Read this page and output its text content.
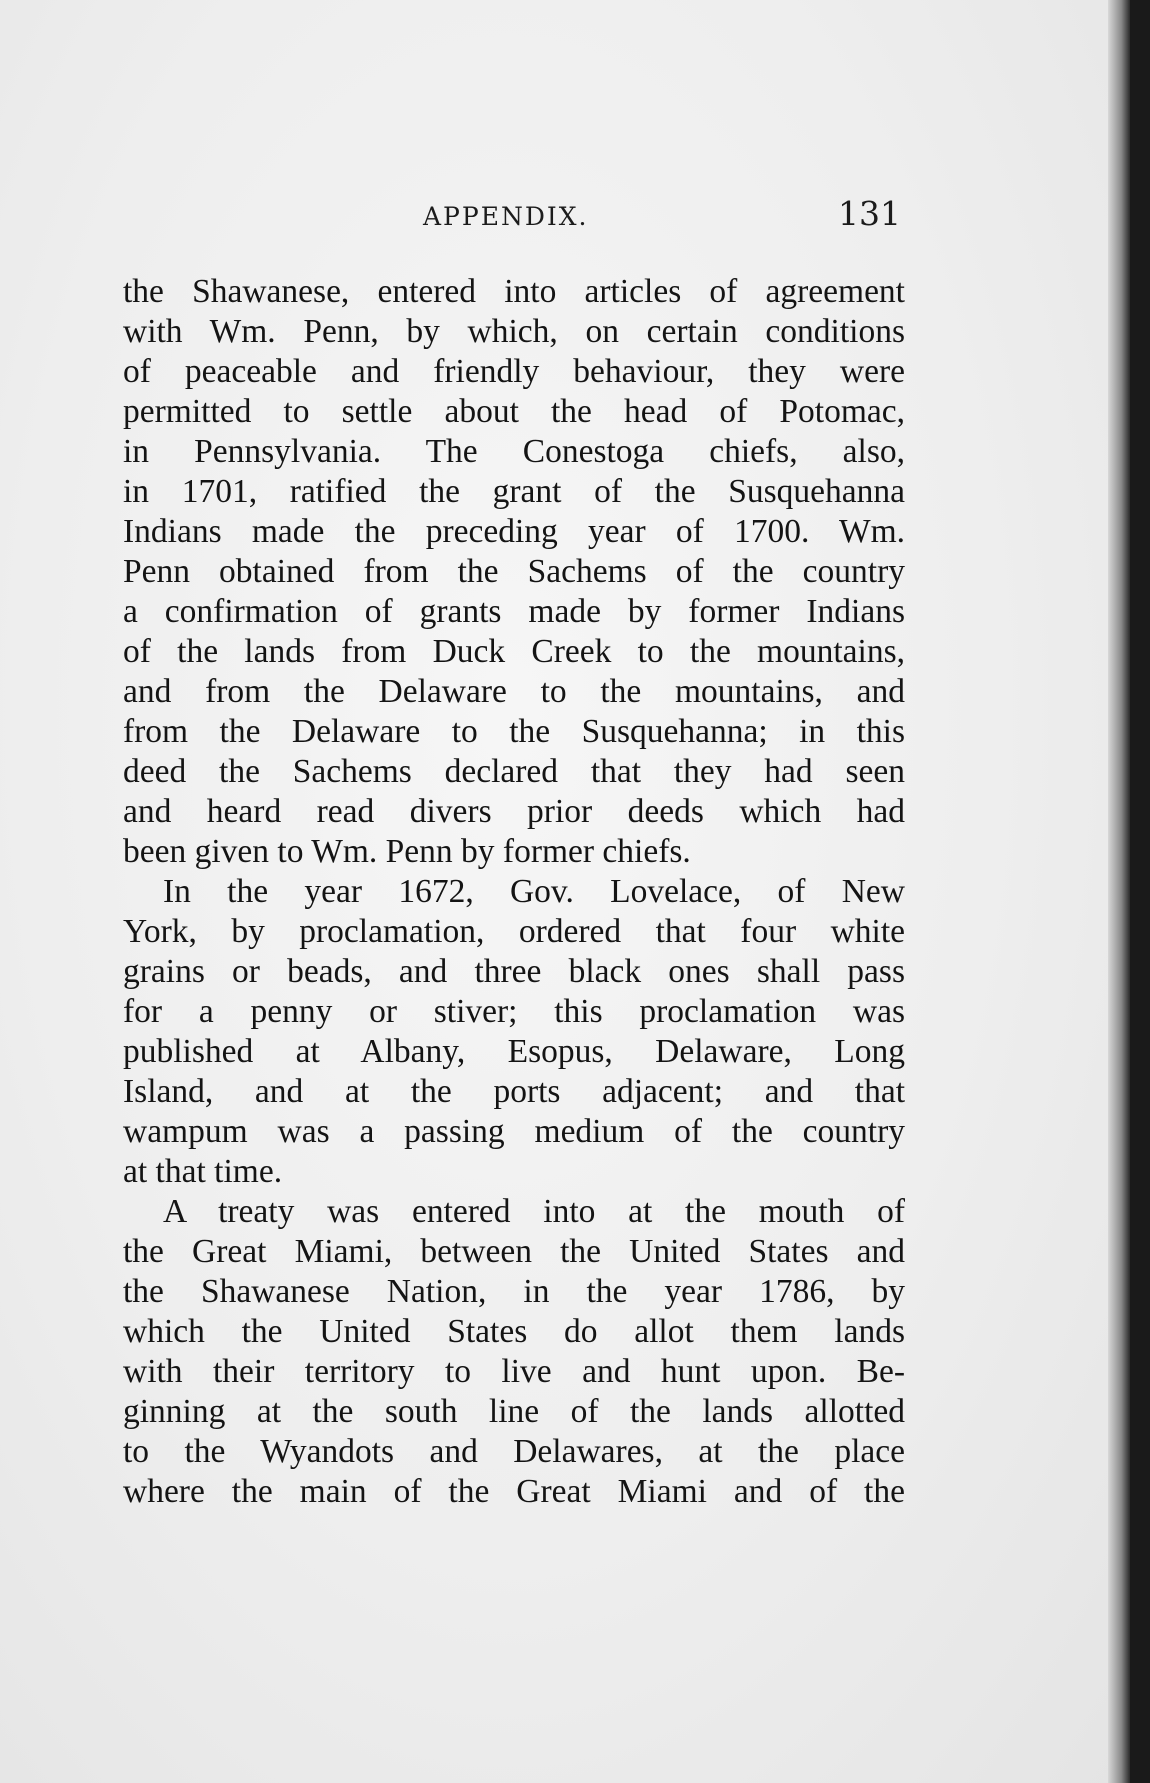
APPENDIX.	131
the Shawanese, entered into articles of agreement
with Wm. Penn, by which, on certain conditions
of peaceable and friendly behaviour, they were
permitted to settle about the head of Potomac,
in Pennsylvania. The Conestoga chiefs, also,
in 1701, ratified the grant of the Susquehanna
Indians made the preceding year of 1700. Wm.
Penn obtained from the Sachems of the country
a confirmation of grants made by former Indians
of the lands from Duck Creek to the mountains,
and from the Delaware to the mountains, and
from the Delaware to the Susquehanna; in this
deed the Sachems declared that they had seen
and heard read divers prior deeds which had
been given to Wm. Penn by former chiefs.
In the year 1672, Gov. Lovelace, of New
York, by proclamation, ordered that four white
grains or beads, and three black ones shall pass
for a penny or stiver; this proclamation was
published at Albany, Esopus, Delaware, Long
Island, and at the ports adjacent; and that
wampum was a passing medium of the country
at that time.
A treaty was entered into at the mouth of
the Great Miami, between the United States and
the Shawanese Nation, in the year 1786, by
which the United States do allot them lands
with their territory to live and hunt upon. Be-
ginning at the south line of the lands allotted
to the Wyandots and Delawares, at the place
where the main of the Great Miami and of the
